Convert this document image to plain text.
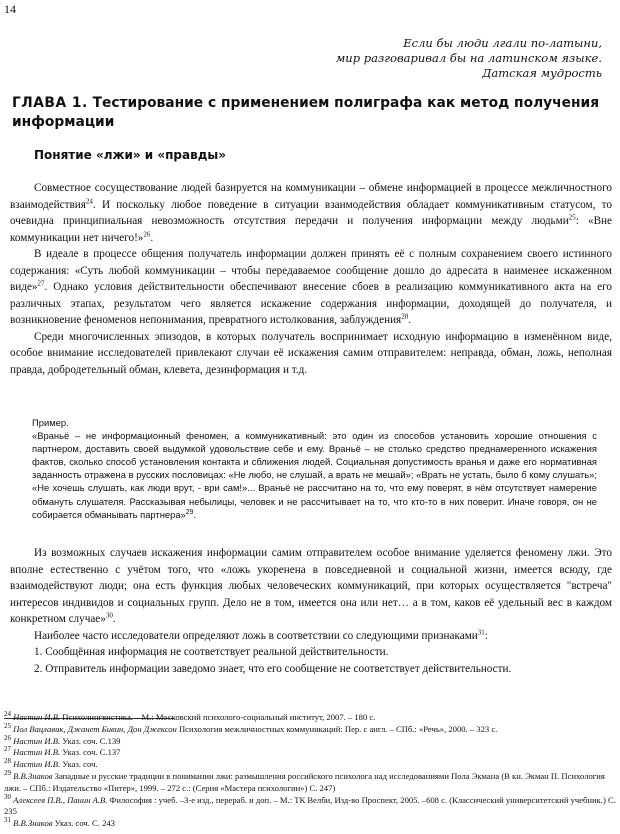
14
Если бы люди лгали по-латыни,
мир разговаривал бы на латинском языке.
Датская мудрость
ГЛАВА 1. Тестирование с применением полиграфа как метод получения информации
Понятие «лжи» и «правды»

Совместное сосуществование людей базируется на коммуникации – обмене информацией в процессе межличностного взаимодействия$^{24}$. И поскольку любое поведение в ситуации взаимодействия обладает коммуникативным статусом, то очевидна принципиальная невозможность отсутствия передачи и получения информации между людьми$^{25}$: «Вне коммуникации нет ничего!»$^{26}$.

В идеале в процессе общения получатель информации должен принять её с полным сохранением своего истинного содержания: «Суть любой коммуникации – чтобы передаваемое сообщение дошло до адресата в наименее искаженном виде»$^{27}$. Однако условия действительности обеспечивают внесение сбоев в реализацию коммуникативного акта на его различных этапах, результатом чего является искажение содержания информации, доходящей до получателя, и возникновение феноменов непонимания, превратного истолкования, заблуждения$^{28}$.

Среди многочисленных эпизодов, в которых получатель воспринимает исходную информацию в изменённом виде, особое внимание исследователей привлекают случаи её искажения самим отправителем: неправда, обман, ложь, неполная правда, добродетельный обман, клевета, дезинформация и т.д.

Пример.

«Враньё – не информационный феномен, а коммуникативный: это один из способов установить хорошие отношения с партнером, доставить своей выдумкой удовольствие себе и ему. Враньё – не столько средство преднамеренного искажения фактов, сколько способ установления контакта и сближения людей. Социальная допустимость вранья и даже его нормативная заданность отражена в русских пословицах: «Не любо, не слушай, а врать не мешай»; «Врать не устать, было б кому слушать»; «Не хочешь слушать, как люди врут, - ври сам!»... Враньё не рассчитано на то, что ему поверят, в нём отсутствует намерение обмануть слушателя. Рассказывая небылицы, человек и не рассчитывает на то, что кто-то в них поверит. Иначе говоря, он не собирается обманывать партнера»$^{29}$.

Из возможных случаев искажения информации самим отправителем особое внимание уделяется феномену лжи. Это вполне естественно с учётом того, что «ложь укоренена в повседневной и социальной жизни, имеется всюду, где взаимодействуют люди; она есть функция любых человеческих коммуникаций, при которых осуществляется "встреча" интересов индивидов и социальных групп. Дело не в том, имеется она или нет… а в том, каков её удельный вес в каждом конкретном случае»$^{30}$.

Наиболее часто исследователи определяют ложь в соответствии со следующими признаками$^{31}$:

1. Сообщённая информация не соответствует реальной действительности.
2. Отправитель информации заведомо знает, что его сообщение не соответствует действительности.

$^{24}$ Настин И.В. Психолингвистика. – М.: Московский психолого-социальный институт, 2007. – 180 с.

$^{25}$ Пол Вацлавик, Джанет Бивин, Дон Джексон Психология межличностных коммуникаций: Пер. с англ. – СПб.: «Речь», 2000. – 323 с.

$^{26}$ Настин И.В. Указ. соч. С.139

$^{27}$ Настин И.В. Указ. соч. С.137

$^{28}$ Настин И.В. Указ. соч.

$^{29}$ В.В.Знаков Западные и русские традиции в понимании лжи: размышления российского психолога над исследованиями Пола Экмана (В кн. Экман П. Психология лжи. – СПб.: Издательство «Питер», 1999. – 272 с.: (Серия «Мастера психологии») С. 247)

$^{30}$ Алексеев П.В., Панин А.В. Философия : учеб. –3-е изд., перераб. и доп. – М.: ТК Велби, Изд-во Проспект, 2005. –608 с. (Классический университетский учебник.) С. 235

$^{31}$ В.В.Знаков Указ. соч. С. 243
